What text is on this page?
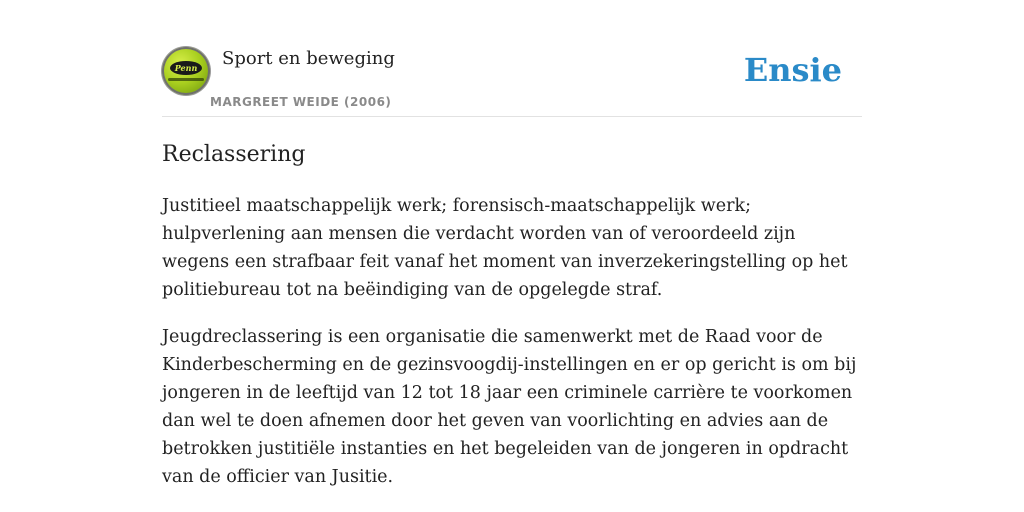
Penn Sport en beweging
MARGREET WEIDE (2006)
Ensie
Reclassering

Justitieel maatschappelijk werk; forensisch-maatschappelijk werk; hulpverlening aan mensen die verdacht worden van of veroordeeld zijn wegens een strafbaar feit vanaf het moment van inverzekeringstelling op het politiebureau tot na beëindiging van de opgelegde straf.

Jeugdreclassering is een organisatie die samenwerkt met de Raad voor de Kinderbescherming en de gezinsvoogdij-instellingen en er op gericht is om bij jongeren in de leeftijd van 12 tot 18 jaar een criminele carrière te voorkomen dan wel te doen afnemen door het geven van voorlichting en advies aan de betrokken justitiële instanties en het begeleiden van de jongeren in opdracht van de officier van Jusitie.
